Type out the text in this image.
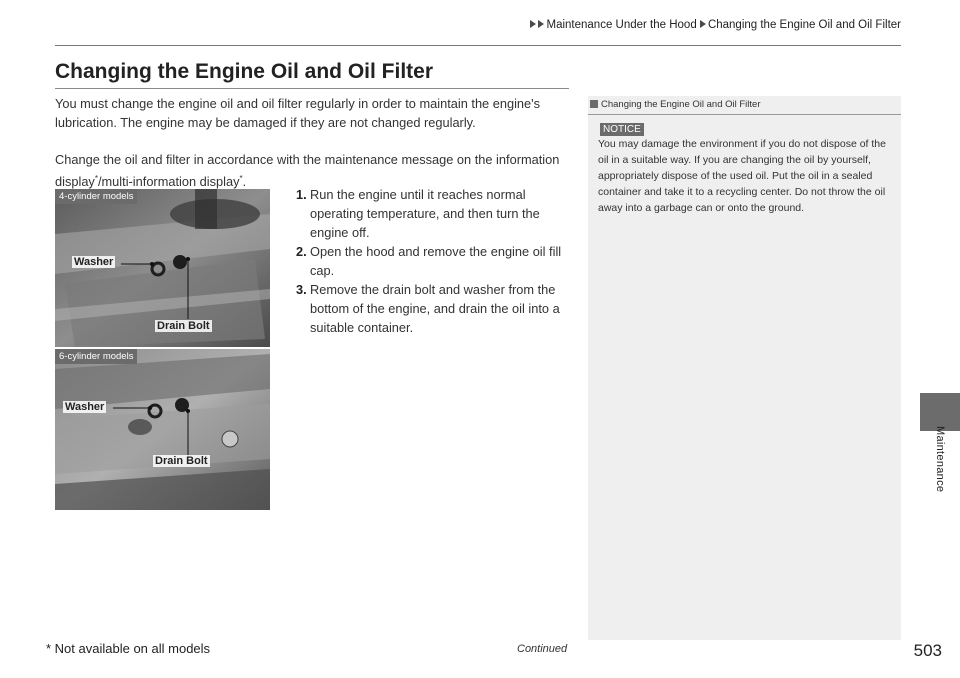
Maintenance Under the Hood Changing the Engine Oil and Oil Filter
Maintenance
Changing the Engine Oil and Oil Filter

You must change the engine oil and oil filter regularly in order to maintain the engine's lubrication. The engine may be damaged if they are not changed regularly.

Change the oil and filter in accordance with the maintenance message on the information display*/multi-information display*.

4-cylinder models
Washer
Drain Bolt
6-cylinder models
Washer
Drain Bolt
1. Run the engine until it reaches normal operating temperature, and then turn the engine off.
2. Open the hood and remove the engine oil fill cap.
3. Remove the drain bolt and washer from the bottom of the engine, and drain the oil into a suitable container.
Changing the Engine Oil and Oil Filter
NOTICE
You may damage the environment if you do not dispose of the oil in a suitable way. If you are changing the oil by yourself, appropriately dispose of the used oil. Put the oil in a sealed container and take it to a recycling center. Do not throw the oil away into a garbage can or onto the ground.
* Not available on all models	Continued	503
